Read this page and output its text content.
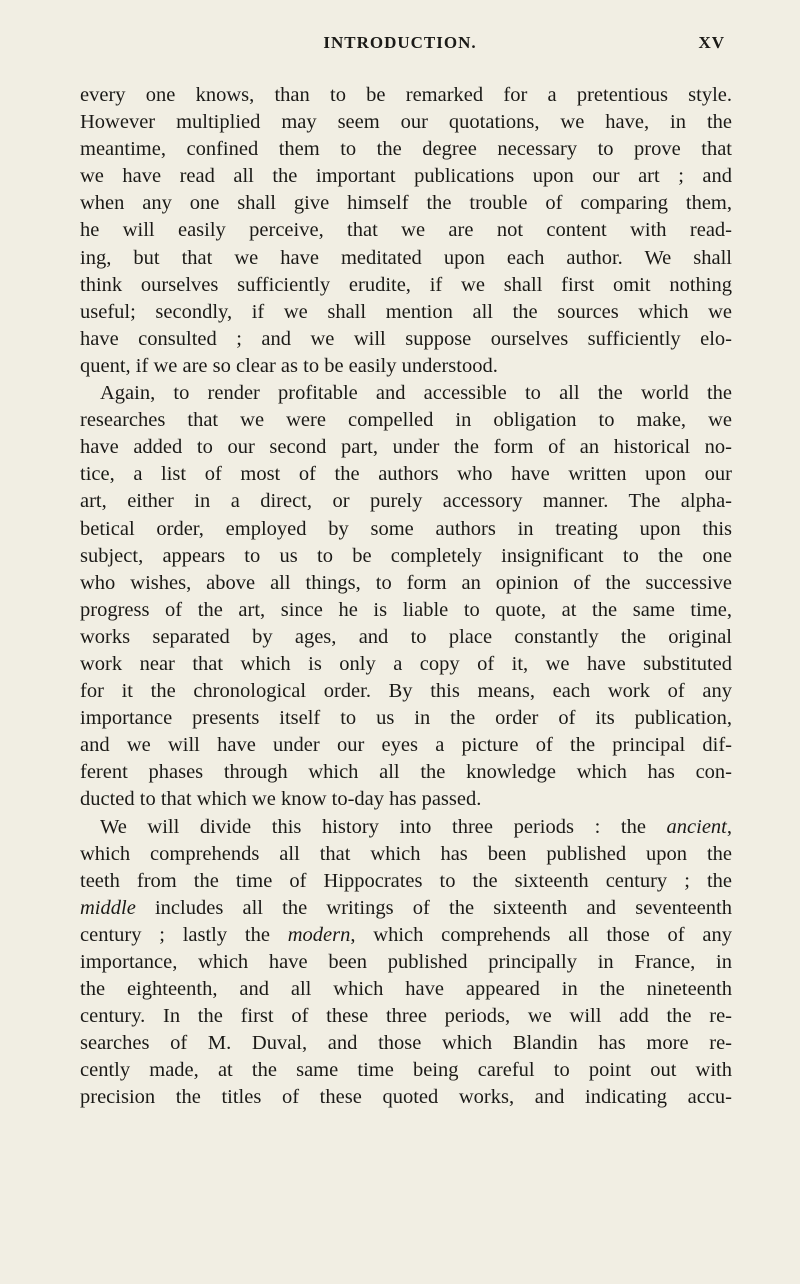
INTRODUCTION.	XV
every one knows, than to be remarked for a pretentious style.
However multiplied may seem our quotations, we have, in the
meantime, confined them to the degree necessary to prove that
we have read all the important publications upon our art ; and
when any one shall give himself the trouble of comparing them,
he will easily perceive, that we are not content with read-
ing, but that we have meditated upon each author. We shall
think ourselves sufficiently erudite, if we shall first omit nothing
useful; secondly, if we shall mention all the sources which we
have consulted ; and we will suppose ourselves sufficiently elo-
quent, if we are so clear as to be easily understood.
Again, to render profitable and accessible to all the world the
researches that we were compelled in obligation to make, we
have added to our second part, under the form of an historical no-
tice, a list of most of the authors who have written upon our
art, either in a direct, or purely accessory manner. The alpha-
betical order, employed by some authors in treating upon this
subject, appears to us to be completely insignificant to the one
who wishes, above all things, to form an opinion of the successive
progress of the art, since he is liable to quote, at the same time,
works separated by ages, and to place constantly the original
work near that which is only a copy of it, we have substituted
for it the chronological order. By this means, each work of any
importance presents itself to us in the order of its publication,
and we will have under our eyes a picture of the principal dif-
ferent phases through which all the knowledge which has con-
ducted to that which we know to-day has passed.
We will divide this history into three periods : the ancient,
which comprehends all that which has been published upon the
teeth from the time of Hippocrates to the sixteenth century ; the
middle includes all the writings of the sixteenth and seventeenth
century ; lastly the modern, which comprehends all those of any
importance, which have been published principally in France, in
the eighteenth, and all which have appeared in the nineteenth
century. In the first of these three periods, we will add the re-
searches of M. Duval, and those which Blandin has more re-
cently made, at the same time being careful to point out with
precision the titles of these quoted works, and indicating accu-
